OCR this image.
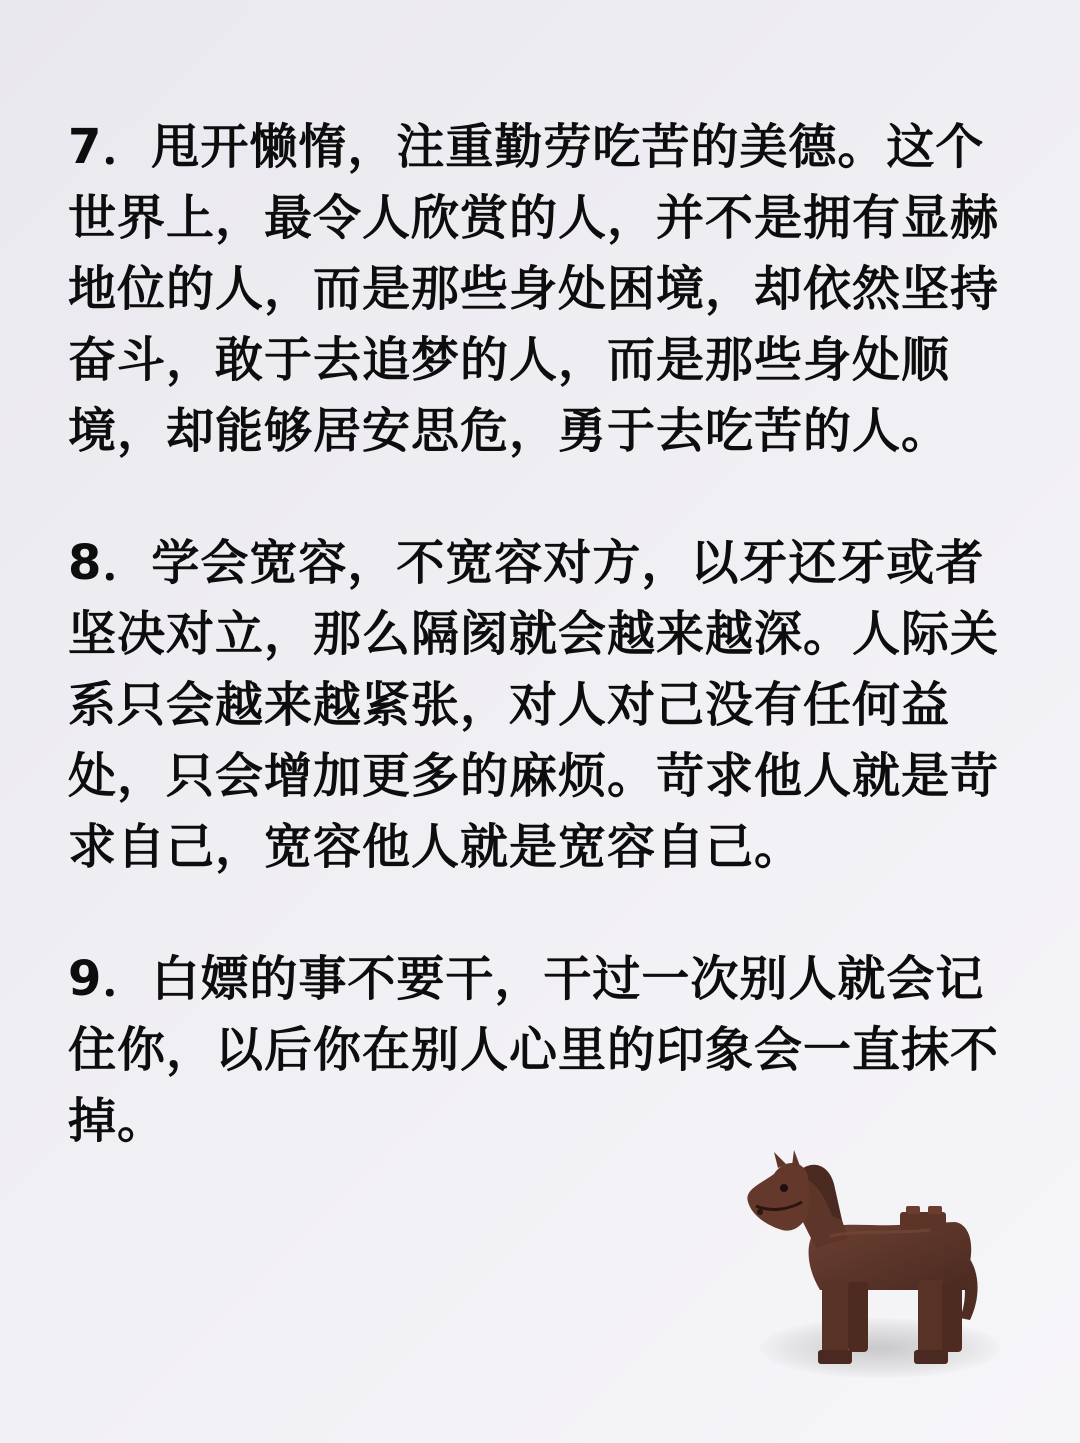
7．甩开懒惰，注重勤劳吃苦的美德。这个
世界上，最令人欣赏的人，并不是拥有显赫
地位的人，而是那些身处困境，却依然坚持
奋斗，敢于去追梦的人，而是那些身处顺
境，却能够居安思危，勇于去吃苦的人。

8．学会宽容，不宽容对方，以牙还牙或者
坚决对立，那么隔阂就会越来越深。人际关
系只会越来越紧张，对人对己没有任何益
处，只会增加更多的麻烦。苛求他人就是苛
求自己，宽容他人就是宽容自己。

9．白嫖的事不要干，干过一次别人就会记
住你，以后你在别人心里的印象会一直抹不
掉。
